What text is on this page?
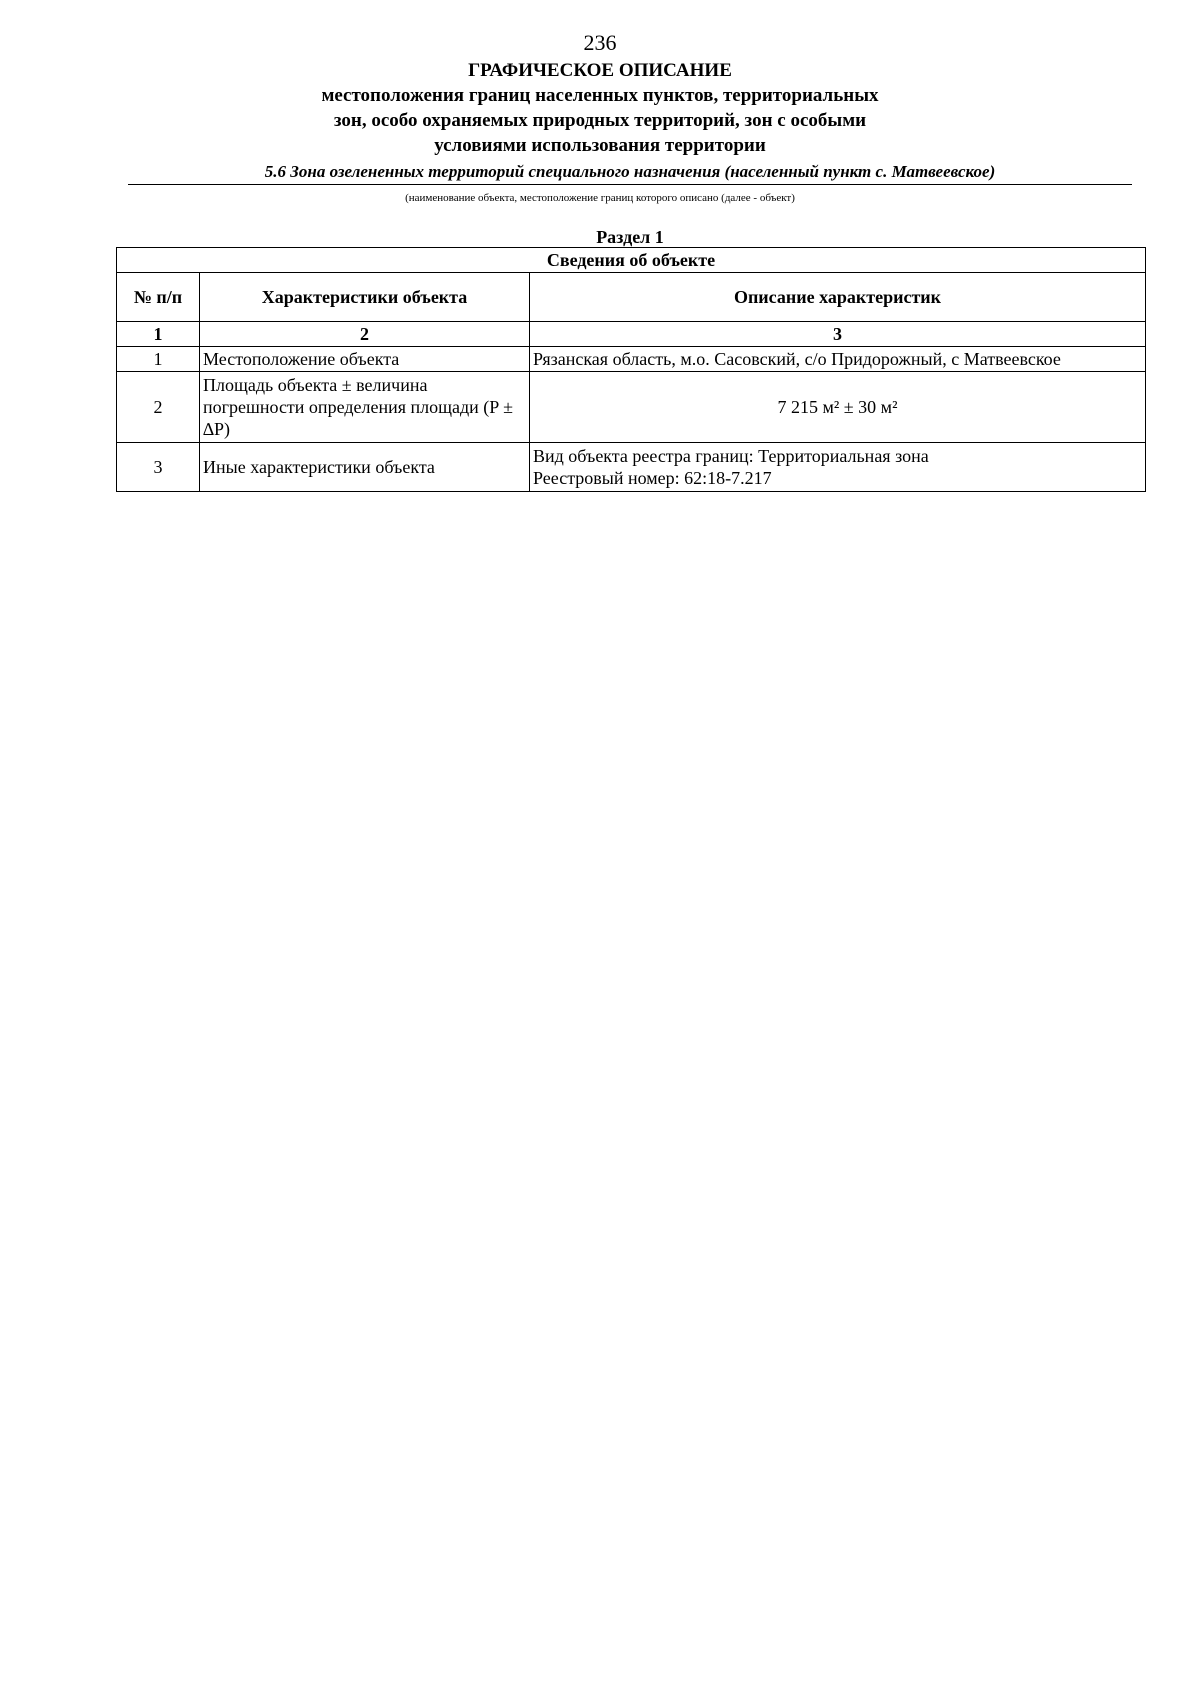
236
ГРАФИЧЕСКОЕ ОПИСАНИЕ
местоположения границ населенных пунктов, территориальных
зон, особо охраняемых природных территорий, зон с особыми
условиями использования территории
5.6 Зона озелененных территорий специального назначения (населенный пункт с. Матвеевское)
(наименование объекта, местоположение границ которого описано (далее - объект)
Раздел 1
Сведения об объекте		
№ п/п	Характеристики объекта	Описание характеристик
1	2	3
1	Местоположение объекта	Рязанская область, м.о. Сасовский, с/о Придорожный, с Матвеевское
2	Площадь объекта ± величина погрешности определения площади (P ± ∆P)	7 215 м² ± 30 м²
3	Иные характеристики объекта	Вид объекта реестра границ: Территориальная зона
Реестровый номер: 62:18-7.217
